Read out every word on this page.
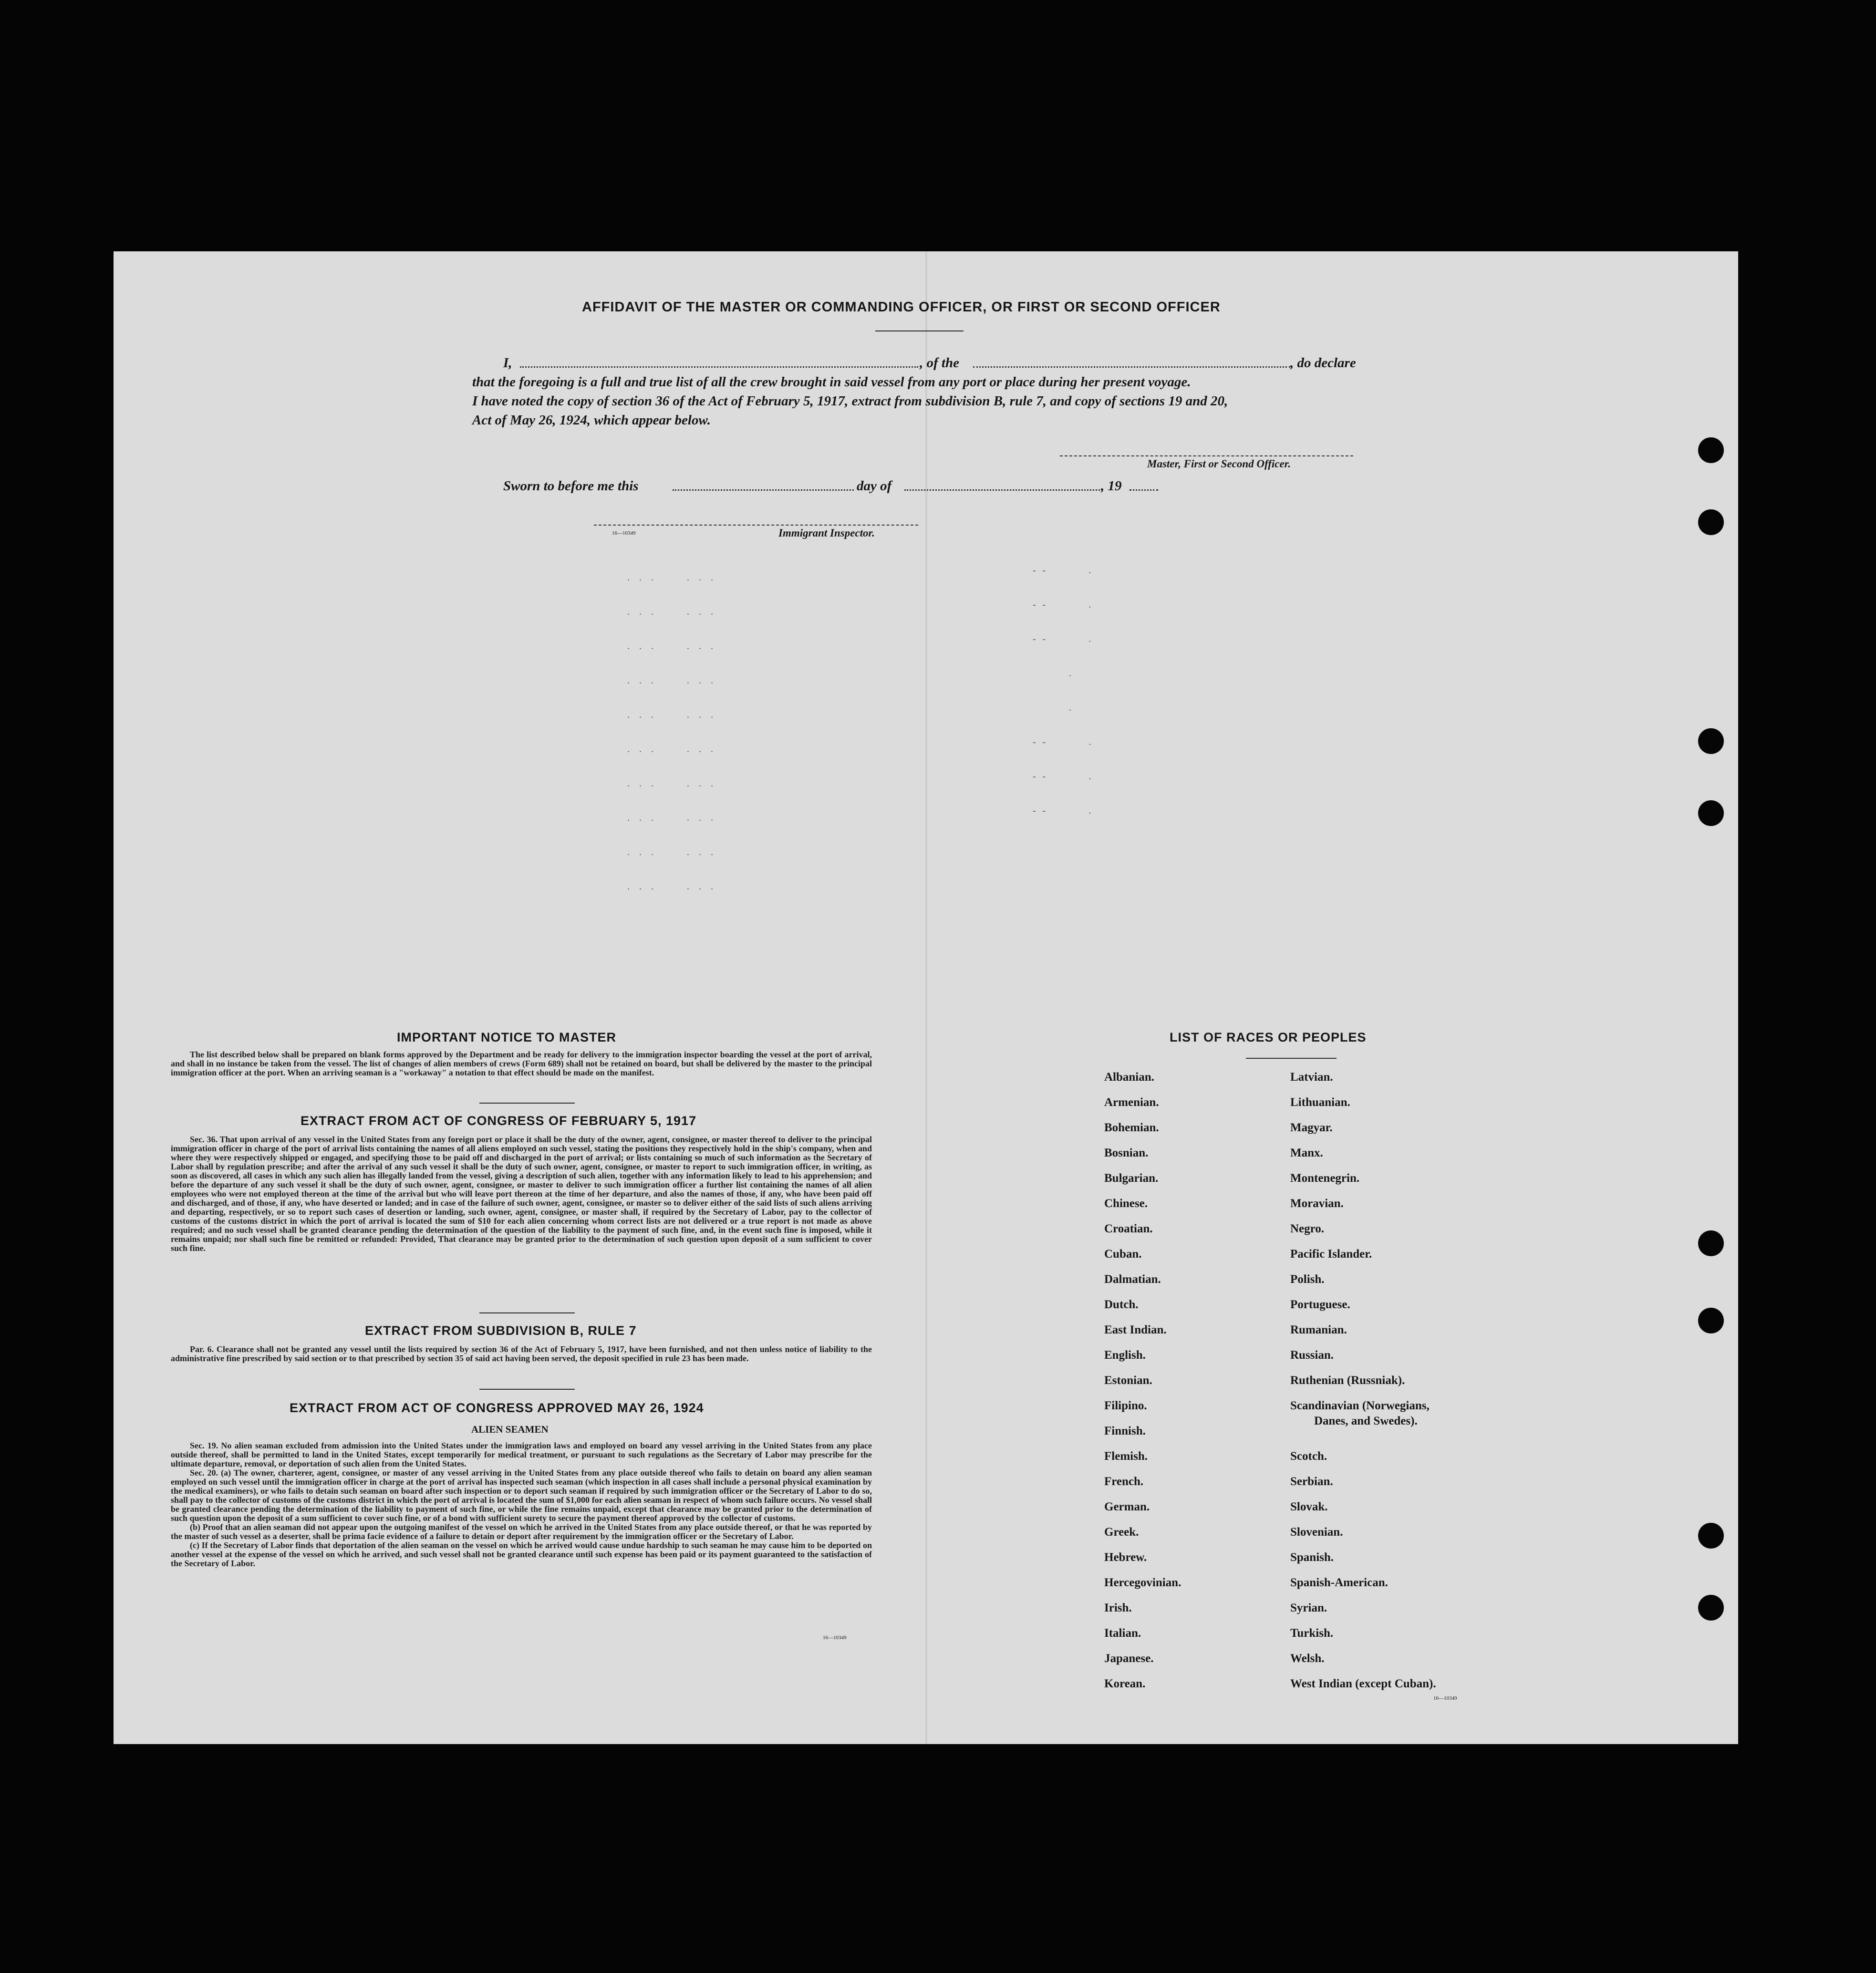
AFFIDAVIT OF THE MASTER OR COMMANDING OFFICER, OR FIRST OR SECOND OFFICER
I,	, of the	, do declare
that the foregoing is a full and true list of all the crew brought in said vessel from any port or place during her present voyage.
I have noted the copy of section 36 of the Act of February 5, 1917, extract from subdivision B, rule 7, and copy of sections 19 and 20,
Act of May 26, 1924, which appear below.
Master, First or Second Officer.
Sworn to before me this	day of	, 19
16—10349	Immigrant Inspector.
...  ...
...  ...
...  ...
...  ...
...  ...
...  ...
...  ...
...  ...
...  ...
...  ...
--    .
--    .
--    .
.
.
--    .
--    .
--    .
IMPORTANT NOTICE TO MASTER

The list described below shall be prepared on blank forms approved by the Department and be ready for delivery to the immigration inspector boarding the vessel at the port of arrival, and shall in no instance be taken from the vessel. The list of changes of alien members of crews (Form 689) shall not be retained on board, but shall be delivered by the master to the principal immigration officer at the port. When an arriving seaman is a "workaway" a notation to that effect should be made on the manifest.

EXTRACT FROM ACT OF CONGRESS OF FEBRUARY 5, 1917

Sec. 36. That upon arrival of any vessel in the United States from any foreign port or place it shall be the duty of the owner, agent, consignee, or master thereof to deliver to the principal immigration officer in charge of the port of arrival lists containing the names of all aliens employed on such vessel, stating the positions they respectively hold in the ship's company, when and where they were respectively shipped or engaged, and specifying those to be paid off and discharged in the port of arrival; or lists containing so much of such information as the Secretary of Labor shall by regulation prescribe; and after the arrival of any such vessel it shall be the duty of such owner, agent, consignee, or master to report to such immigration officer, in writing, as soon as discovered, all cases in which any such alien has illegally landed from the vessel, giving a description of such alien, together with any information likely to lead to his apprehension; and before the departure of any such vessel it shall be the duty of such owner, agent, consignee, or master to deliver to such immigration officer a further list containing the names of all alien employees who were not employed thereon at the time of the arrival but who will leave port thereon at the time of her departure, and also the names of those, if any, who have been paid off and discharged, and of those, if any, who have deserted or landed; and in case of the failure of such owner, agent, consignee, or master so to deliver either of the said lists of such aliens arriving and departing, respectively, or so to report such cases of desertion or landing, such owner, agent, consignee, or master shall, if required by the Secretary of Labor, pay to the collector of customs of the customs district in which the port of arrival is located the sum of $10 for each alien concerning whom correct lists are not delivered or a true report is not made as above required; and no such vessel shall be granted clearance pending the determination of the question of the liability to the payment of such fine, and, in the event such fine is imposed, while it remains unpaid; nor shall such fine be remitted or refunded: Provided, That clearance may be granted prior to the determination of such question upon deposit of a sum sufficient to cover such fine.

EXTRACT FROM SUBDIVISION B, RULE 7

Par. 6. Clearance shall not be granted any vessel until the lists required by section 36 of the Act of February 5, 1917, have been furnished, and not then unless notice of liability to the administrative fine prescribed by said section or to that prescribed by section 35 of said act having been served, the deposit specified in rule 23 has been made.

EXTRACT FROM ACT OF CONGRESS APPROVED MAY 26, 1924
ALIEN SEAMEN

Sec. 19. No alien seaman excluded from admission into the United States under the immigration laws and employed on board any vessel arriving in the United States from any place outside thereof, shall be permitted to land in the United States, except temporarily for medical treatment, or pursuant to such regulations as the Secretary of Labor may prescribe for the ultimate departure, removal, or deportation of such alien from the United States.

Sec. 20. (a) The owner, charterer, agent, consignee, or master of any vessel arriving in the United States from any place outside thereof who fails to detain on board any alien seaman employed on such vessel until the immigration officer in charge at the port of arrival has inspected such seaman (which inspection in all cases shall include a personal physical examination by the medical examiners), or who fails to detain such seaman on board after such inspection or to deport such seaman if required by such immigration officer or the Secretary of Labor to do so, shall pay to the collector of customs of the customs district in which the port of arrival is located the sum of $1,000 for each alien seaman in respect of whom such failure occurs. No vessel shall be granted clearance pending the determination of the liability to payment of such fine, or while the fine remains unpaid, except that clearance may be granted prior to the determination of such question upon the deposit of a sum sufficient to cover such fine, or of a bond with sufficient surety to secure the payment thereof approved by the collector of customs.

(b) Proof that an alien seaman did not appear upon the outgoing manifest of the vessel on which he arrived in the United States from any place outside thereof, or that he was reported by the master of such vessel as a deserter, shall be prima facie evidence of a failure to detain or deport after requirement by the immigration officer or the Secretary of Labor.

(c) If the Secretary of Labor finds that deportation of the alien seaman on the vessel on which he arrived would cause undue hardship to such seaman he may cause him to be deported on another vessel at the expense of the vessel on which he arrived, and such vessel shall not be granted clearance until such expense has been paid or its payment guaranteed to the satisfaction of the Secretary of Labor.

16—10349
LIST OF RACES OR PEOPLES
Albanian.
Armenian.
Bohemian.
Bosnian.
Bulgarian.
Chinese.
Croatian.
Cuban.
Dalmatian.
Dutch.
East Indian.
English.
Estonian.
Filipino.
Finnish.
Flemish.
French.
German.
Greek.
Hebrew.
Hercegovinian.
Irish.
Italian.
Japanese.
Korean.
Latvian.
Lithuanian.
Magyar.
Manx.
Montenegrin.
Moravian.
Negro.
Pacific Islander.
Polish.
Portuguese.
Rumanian.
Russian.
Ruthenian (Russniak).
Scandinavian (Norwegians,
Danes, and Swedes).
Scotch.
Serbian.
Slovak.
Slovenian.
Spanish.
Spanish-American.
Syrian.
Turkish.
Welsh.
West Indian (except Cuban).
16—10349
